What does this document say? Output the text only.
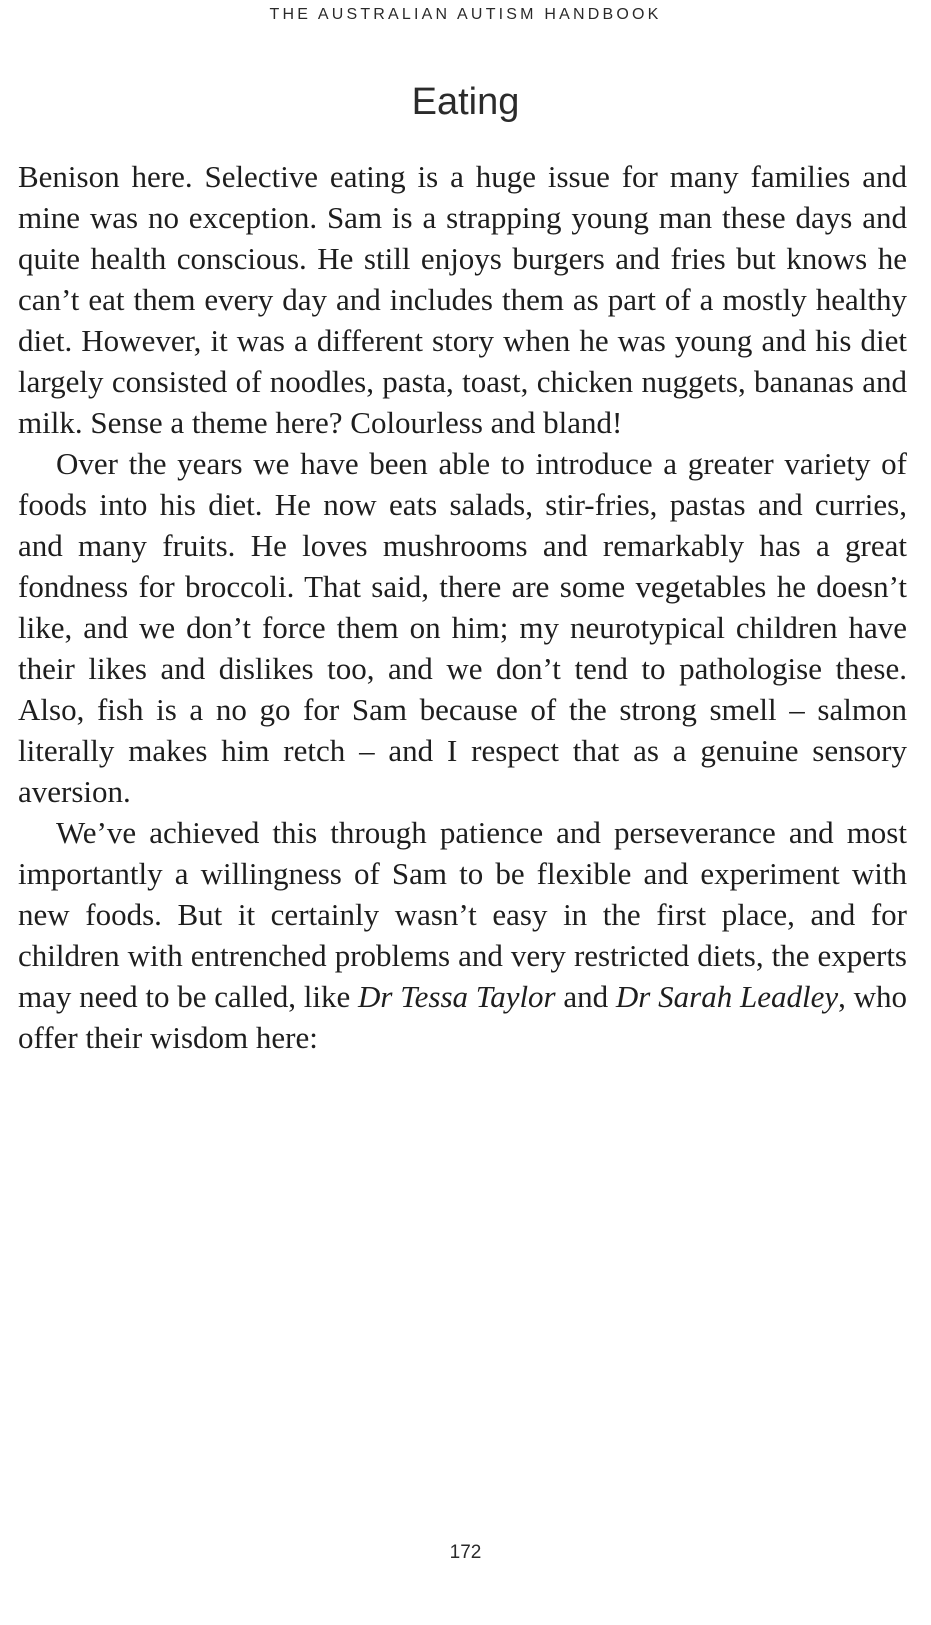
THE AUSTRALIAN AUTISM HANDBOOK
Eating

Benison here. Selective eating is a huge issue for many families and mine was no exception. Sam is a strapping young man these days and quite health conscious. He still enjoys burgers and fries but knows he can’t eat them every day and includes them as part of a mostly healthy diet. However, it was a different story when he was young and his diet largely consisted of noodles, pasta, toast, chicken nuggets, bananas and milk. Sense a theme here? Colourless and bland!

Over the years we have been able to introduce a greater variety of foods into his diet. He now eats salads, stir-fries, pastas and curries, and many fruits. He loves mushrooms and remarkably has a great fondness for broccoli. That said, there are some vegetables he doesn’t like, and we don’t force them on him; my neurotypical children have their likes and dislikes too, and we don’t tend to pathologise these. Also, fish is a no go for Sam because of the strong smell – salmon literally makes him retch – and I respect that as a genuine sensory aversion.

We’ve achieved this through patience and perseverance and most importantly a willingness of Sam to be flexible and experiment with new foods. But it certainly wasn’t easy in the first place, and for children with entrenched problems and very restricted diets, the experts may need to be called, like Dr Tessa Taylor and Dr Sarah Leadley, who offer their wisdom here:

172
